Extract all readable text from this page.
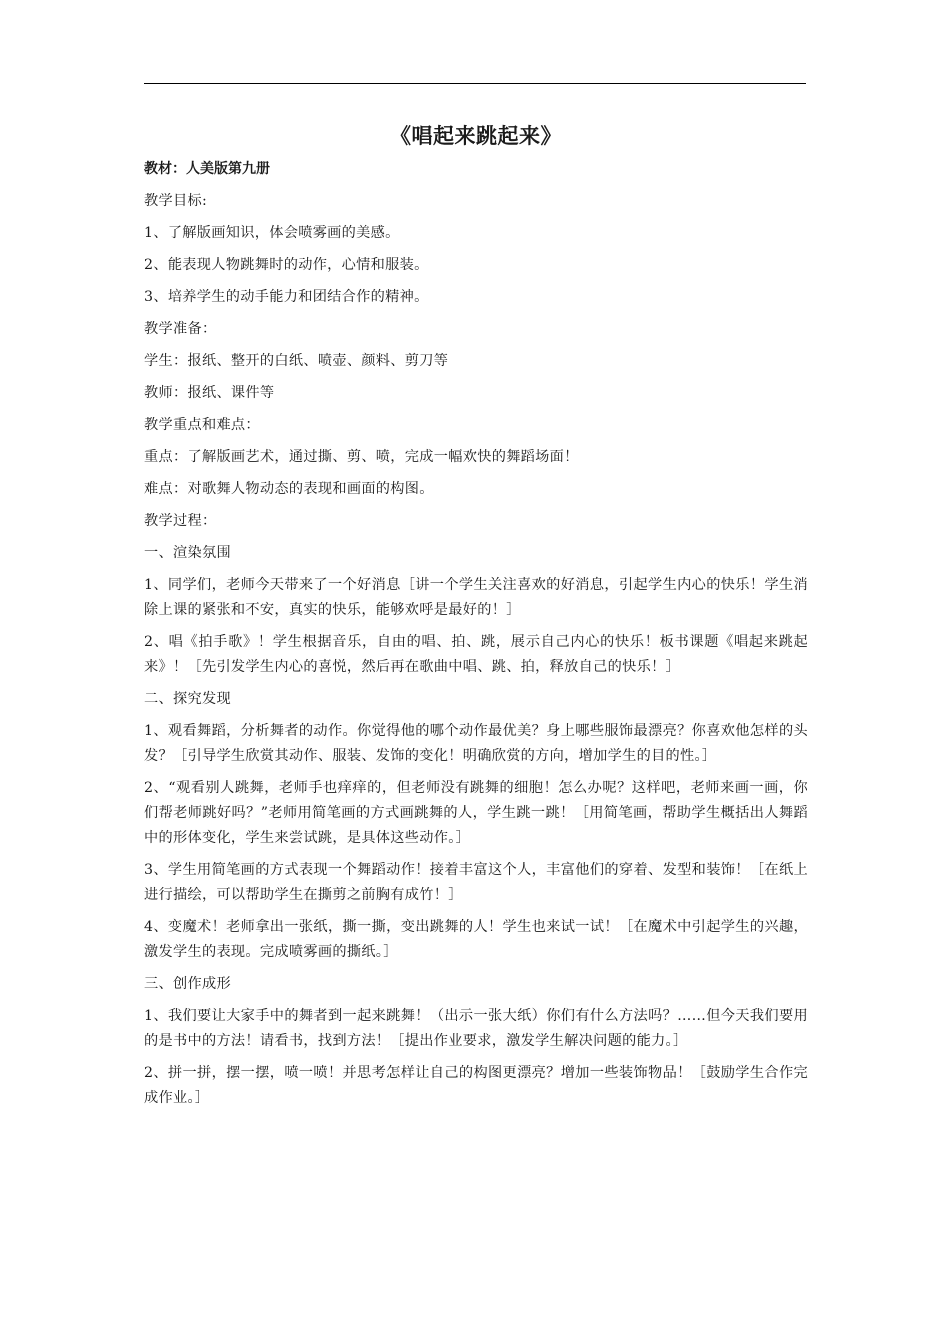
《唱起来跳起来》
教材：人美版第九册

教学目标:

1、了解版画知识，体会喷雾画的美感。

2、能表现人物跳舞时的动作，心情和服装。

3、培养学生的动手能力和团结合作的精神。

教学准备：

学生：报纸、整开的白纸、喷壶、颜料、剪刀等

教师：报纸、课件等

教学重点和难点：

重点：了解版画艺术，通过撕、剪、喷，完成一幅欢快的舞蹈场面！

难点：对歌舞人物动态的表现和画面的构图。

教学过程：

一、渲染氛围

1、同学们，老师今天带来了一个好消息［讲一个学生关注喜欢的好消息，引起学生内心的快乐！学生消除上课的紧张和不安，真实的快乐，能够欢呼是最好的！］

2、唱《拍手歌》！学生根据音乐，自由的唱、拍、跳，展示自己内心的快乐！板书课题《唱起来跳起来》！［先引发学生内心的喜悦，然后再在歌曲中唱、跳、拍，释放自己的快乐！］

二、探究发现

1、观看舞蹈，分析舞者的动作。你觉得他的哪个动作最优美？身上哪些服饰最漂亮？你喜欢他怎样的头发？［引导学生欣赏其动作、服装、发饰的变化！明确欣赏的方向，增加学生的目的性。］

2、“观看别人跳舞，老师手也痒痒的，但老师没有跳舞的细胞！怎么办呢？这样吧，老师来画一画，你们帮老师跳好吗？”老师用简笔画的方式画跳舞的人，学生跳一跳！［用简笔画，帮助学生概括出人舞蹈中的形体变化，学生来尝试跳，是具体这些动作。］

3、学生用简笔画的方式表现一个舞蹈动作！接着丰富这个人，丰富他们的穿着、发型和装饰！［在纸上进行描绘，可以帮助学生在撕剪之前胸有成竹！］

4、变魔术！老师拿出一张纸，撕一撕，变出跳舞的人！学生也来试一试！［在魔术中引起学生的兴趣，激发学生的表现。完成喷雾画的撕纸。］

三、创作成形

1、我们要让大家手中的舞者到一起来跳舞！（出示一张大纸）你们有什么方法吗？……但今天我们要用的是书中的方法！请看书，找到方法！［提出作业要求，激发学生解决问题的能力。］

2、拼一拼，摆一摆，喷一喷！并思考怎样让自己的构图更漂亮？增加一些装饰物品！［鼓励学生合作完成作业。］
